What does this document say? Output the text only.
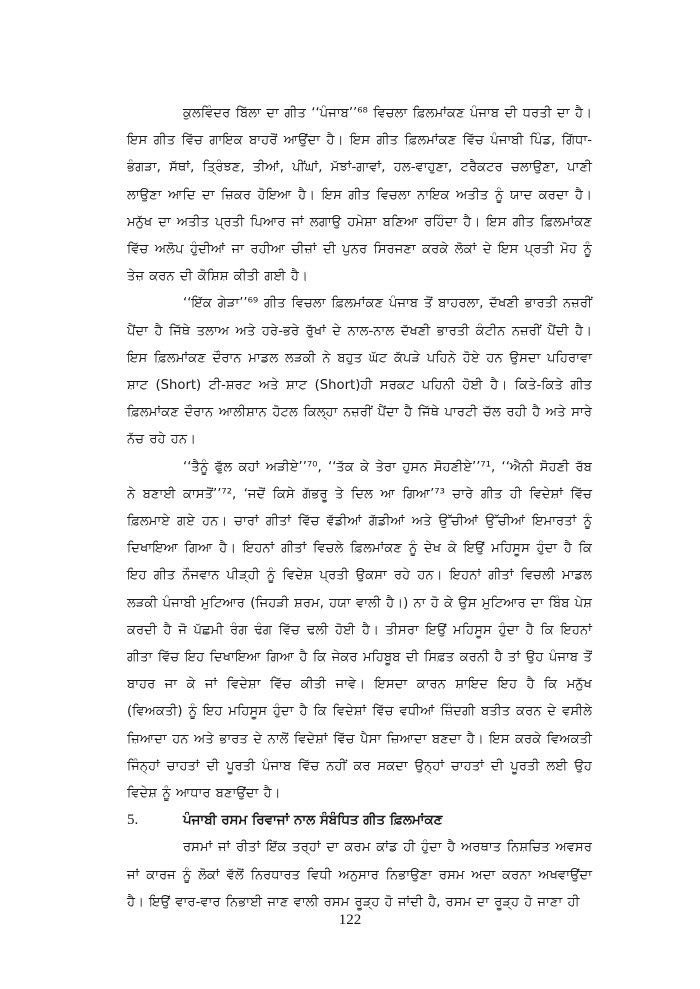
ਕੁਲਵਿੰਦਰ ਬਿੱਲਾ ਦਾ ਗੀਤ ‘‘ਪੰਜਾਬ’’⁶⁸ ਵਿਚਲਾ ਫ਼ਿਲਮਾਂਕਣ ਪੰਜਾਬ ਦੀ ਧਰਤੀ ਦਾ ਹੈ। ਇਸ ਗੀਤ ਵਿੱਚ ਗਾਇਕ ਬਾਹਰੋਂ ਆਉਂਦਾ ਹੈ। ਇਸ ਗੀਤ ਫ਼ਿਲਮਾਂਕਣ ਵਿੱਚ ਪੰਜਾਬੀ ਪਿੰਡ, ਗਿੱਧਾ-ਭੰਗੜਾ, ਸੱਥਾਂ, ਤ੍ਰਿੰਝਣ, ਤੀਆਂ, ਪੀਂਘਾਂ, ਮੱਝਾਂ-ਗਾਵਾਂ, ਹਲ-ਵਾਹੁਣਾ, ਟਰੈਕਟਰ ਚਲਾਉਣਾ, ਪਾਣੀ ਲਾਉਣਾ ਆਦਿ ਦਾ ਜ਼ਿਕਰ ਹੋਇਆ ਹੈ। ਇਸ ਗੀਤ ਵਿਚਲਾ ਨਾਇਕ ਅਤੀਤ ਨੂੰ ਯਾਦ ਕਰਦਾ ਹੈ। ਮਨੁੱਖ ਦਾ ਅਤੀਤ ਪ੍ਰਤੀ ਪਿਆਰ ਜਾਂ ਲਗਾਉ ਹਮੇਸ਼ਾ ਬਣਿਆ ਰਹਿੰਦਾ ਹੈ। ਇਸ ਗੀਤ ਫ਼ਿਲਮਾਂਕਣ ਵਿੱਚ ਅਲੋਪ ਹੁੰਦੀਆਂ ਜਾ ਰਹੀਆ ਚੀਜ਼ਾਂ ਦੀ ਪੁਨਰ ਸਿਰਜਣਾ ਕਰਕੇ ਲੋਕਾਂ ਦੇ ਇਸ ਪ੍ਰਤੀ ਮੋਹ ਨੂੰ ਤੇਜ਼ ਕਰਨ ਦੀ ਕੋਸ਼ਿਸ਼ ਕੀਤੀ ਗਈ ਹੈ।

‘‘ਇੱਕ ਗੇੜਾ’’⁶⁹ ਗੀਤ ਵਿਚਲਾ ਫ਼ਿਲਮਾਂਕਣ ਪੰਜਾਬ ਤੋਂ ਬਾਹਰਲਾ, ਦੱਖਣੀ ਭਾਰਤੀ ਨਜ਼ਰੀਂ ਪੈਂਦਾ ਹੈ ਜਿੱਥੇ ਤਲਾਅ ਅਤੇ ਹਰੇ-ਭਰੇ ਰੁੱਖਾਂ ਦੇ ਨਾਲ-ਨਾਲ ਦੱਖਣੀ ਭਾਰਤੀ ਕੰਟੀਨ ਨਜ਼ਰੀਂ ਪੈਂਦੀ ਹੈ। ਇਸ ਫ਼ਿਲਮਾਂਕਣ ਦੌਰਾਨ ਮਾਡਲ ਲੜਕੀ ਨੇ ਬਹੁਤ ਘੱਟ ਕੱਪੜੇ ਪਹਿਨੇ ਹੋਏ ਹਨ ਉਸਦਾ ਪਹਿਰਾਵਾ ਸ਼ਾਟ (Short) ਟੀ-ਸ਼ਰਟ ਅਤੇ ਸ਼ਾਟ (Short)ਹੀ ਸਰਕਟ ਪਹਿਨੀ ਹੋਈ ਹੈ। ਕਿਤੇ-ਕਿਤੇ ਗੀਤ ਫ਼ਿਲਮਾਂਕਣ ਦੌਰਾਨ ਆਲੀਸ਼ਾਨ ਹੋਟਲ ਕਿਲ੍ਹਾ ਨਜ਼ਰੀਂ ਪੈਂਦਾ ਹੈ ਜਿੱਥੇ ਪਾਰਟੀ ਚੱਲ ਰਹੀ ਹੈ ਅਤੇ ਸਾਰੇ ਨੱਚ ਰਹੇ ਹਨ।

‘‘ਤੈਨੂੰ ਫੁੱਲ ਕਹਾਂ ਅੜੀਏ’’⁷⁰, ‘‘ਤੱਕ ਕੇ ਤੇਰਾ ਹੁਸਨ ਸੋਹਣੀਏ’’⁷¹, ‘‘ਐਨੀ ਸੋਹਣੀ ਰੱਬ ਨੇ ਬਣਾਈ ਕਾਸਤੋਂ’’⁷², ‘ਜਦੋਂ ਕਿਸੇ ਗੱਭਰੂ ਤੇ ਦਿਲ ਆ ਗਿਆ’⁷³ ਚਾਰੇ ਗੀਤ ਹੀ ਵਿਦੇਸ਼ਾਂ ਵਿੱਚ ਫ਼ਿਲਮਾਏ ਗਏ ਹਨ। ਚਾਰਾਂ ਗੀਤਾਂ ਵਿੱਚ ਵੱਡੀਆਂ ਗੱਡੀਆਂ ਅਤੇ ਉੱਚੀਆਂ ਉੱਚੀਆਂ ਇਮਾਰਤਾਂ ਨੂੰ ਦਿਖਾਇਆ ਗਿਆ ਹੈ। ਇਹਨਾਂ ਗੀਤਾਂ ਵਿਚਲੇ ਫ਼ਿਲਮਾਂਕਣ ਨੂੰ ਦੇਖ ਕੇ ਇਉਂ ਮਹਿਸੂਸ ਹੁੰਦਾ ਹੈ ਕਿ ਇਹ ਗੀਤ ਨੌਜਵਾਨ ਪੀੜ੍ਹੀ ਨੂੰ ਵਿਦੇਸ਼ ਪ੍ਰਤੀ ਉਕਸਾ ਰਹੇ ਹਨ। ਇਹਨਾਂ ਗੀਤਾਂ ਵਿਚਲੀ ਮਾਡਲ ਲੜਕੀ ਪੰਜਾਬੀ ਮੁਟਿਆਰ (ਜਿਹੜੀ ਸ਼ਰਮ, ਹਯਾ ਵਾਲੀ ਹੈ।) ਨਾ ਹੋ ਕੇ ਉਸ ਮੁਟਿਆਰ ਦਾ ਬਿੰਬ ਪੇਸ਼ ਕਰਦੀ ਹੈ ਜੋ ਪੱਛਮੀ ਰੰਗ ਢੰਗ ਵਿੱਚ ਢਲੀ ਹੋਈ ਹੈ। ਤੀਸਰਾ ਇਉਂ ਮਹਿਸੂਸ ਹੁੰਦਾ ਹੈ ਕਿ ਇਹਨਾਂ ਗੀਤਾ ਵਿੱਚ ਇਹ ਦਿਖਾਇਆ ਗਿਆ ਹੈ ਕਿ ਜੇਕਰ ਮਹਿਬੂਬ ਦੀ ਸਿਫ਼ਤ ਕਰਨੀ ਹੈ ਤਾਂ ਉਹ ਪੰਜਾਬ ਤੋਂ ਬਾਹਰ ਜਾ ਕੇ ਜਾਂ ਵਿਦੇਸ਼ਾ ਵਿੱਚ ਕੀਤੀ ਜਾਵੇ। ਇਸਦਾ ਕਾਰਨ ਸ਼ਾਇਦ ਇਹ ਹੈ ਕਿ ਮਨੁੱਖ (ਵਿਅਕਤੀ) ਨੂੰ ਇਹ ਮਹਿਸੂਸ ਹੁੰਦਾ ਹੈ ਕਿ ਵਿਦੇਸ਼ਾਂ ਵਿੱਚ ਵਧੀਆਂ ਜ਼ਿੰਦਗੀ ਬਤੀਤ ਕਰਨ ਦੇ ਵਸੀਲੇ ਜ਼ਿਆਦਾ ਹਨ ਅਤੇ ਭਾਰਤ ਦੇ ਨਾਲੋਂ ਵਿਦੇਸ਼ਾਂ ਵਿੱਚ ਪੈਸਾ ਜ਼ਿਆਦਾ ਬਣਦਾ ਹੈ। ਇਸ ਕਰਕੇ ਵਿਅਕਤੀ ਜਿੰਨ੍ਹਾਂ ਚਾਹਤਾਂ ਦੀ ਪੂਰਤੀ ਪੰਜਾਬ ਵਿੱਚ ਨਹੀਂ ਕਰ ਸਕਦਾ ਉਨ੍ਹਾਂ ਚਾਹਤਾਂ ਦੀ ਪੂਰਤੀ ਲਈ ਉਹ ਵਿਦੇਸ਼ ਨੂੰ ਆਧਾਰ ਬਣਾਉਂਦਾ ਹੈ।

5.	ਪੰਜਾਬੀ ਰਸਮ ਰਿਵਾਜਾਂ ਨਾਲ ਸੰਬੰਧਿਤ ਗੀਤ ਫ਼ਿਲਮਾਂਕਣ

ਰਸਮਾਂ ਜਾਂ ਰੀਤਾਂ ਇੱਕ ਤਰ੍ਹਾਂ ਦਾ ਕਰਮ ਕਾਂਡ ਹੀ ਹੁੰਦਾ ਹੈ ਅਰਥਾਤ ਨਿਸ਼ਚਿਤ ਅਵਸਰ ਜਾਂ ਕਾਰਜ ਨੂੰ ਲੋਕਾਂ ਵੱਲੋਂ ਨਿਰਧਾਰਤ ਵਿਧੀ ਅਨੁਸਾਰ ਨਿਭਾਉਣਾ ਰਸਮ ਅਦਾ ਕਰਨਾ ਅਖਵਾਉਂਦਾ ਹੈ। ਇਉਂ ਵਾਰ-ਵਾਰ ਨਿਭਾਈ ਜਾਣ ਵਾਲੀ ਰਸਮ ਰੂੜ੍ਹ ਹੋ ਜਾਂਦੀ ਹੈ, ਰਸਮ ਦਾ ਰੂੜ੍ਹ ਹੋ ਜਾਣਾ ਹੀ

122
